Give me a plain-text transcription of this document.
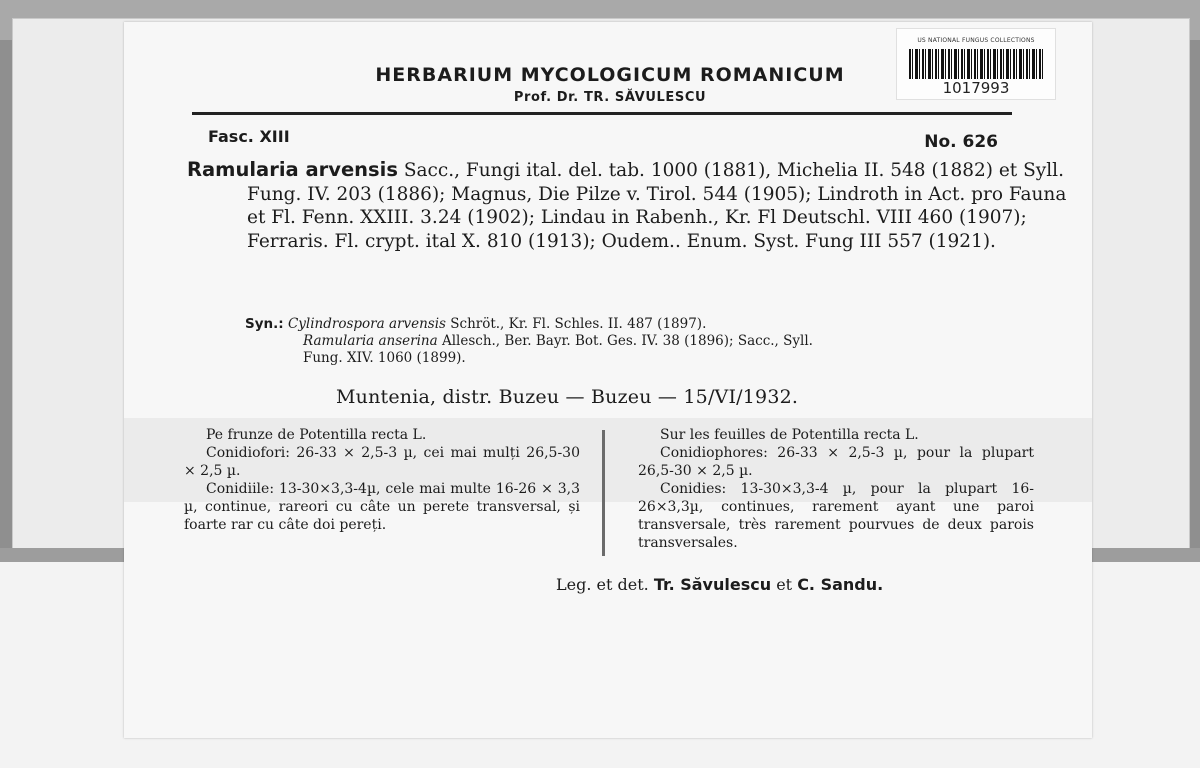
US NATIONAL FUNGUS COLLECTIONS
1017993
HERBARIUM MYCOLOGICUM ROMANICUM
Prof. Dr. TR. SĂVULESCU
Fasc. XIII	No. 626
Ramularia arvensis Sacc., Fungi ital. del. tab. 1000 (1881), Michelia II. 548 (1882) et Syll. Fung. IV. 203 (1886); Magnus, Die Pilze v. Tirol. 544 (1905); Lindroth in Act. pro Fauna et Fl. Fenn. XXIII. 3.24 (1902); Lindau in Rabenh., Kr. Fl Deutschl. VIII 460 (1907); Ferraris. Fl. crypt. ital X. 810 (1913); Oudem.. Enum. Syst. Fung III 557 (1921).
Syn.: Cylindrospora arvensis Schröt., Kr. Fl. Schles. II. 487 (1897).
Ramularia anserina Allesch., Ber. Bayr. Bot. Ges. IV. 38 (1896); Sacc., Syll.
Fung. XIV. 1060 (1899).
Muntenia, distr. Buzeu — Buzeu — 15/VI/1932.

Pe frunze de Potentilla recta L.

Conidiofori: 26-33 × 2,5-3 µ, cei mai mulți 26,5-30 × 2,5 µ.

Conidiile: 13-30×3,3-4µ, cele mai multe 16-26 × 3,3 µ, continue, rareori cu câte un perete transversal, și foarte rar cu câte doi pereți.

Sur les feuilles de Potentilla recta L.

Conidiophores: 26-33 × 2,5-3 µ, pour la plupart 26,5-30 × 2,5 µ.

Conidies: 13-30×3,3-4 µ, pour la plupart 16-26×3,3µ, continues, rarement ayant une paroi transversale, très rarement pourvues de deux parois transversales.

Leg. et det. Tr. Săvulescu et C. Sandu.
